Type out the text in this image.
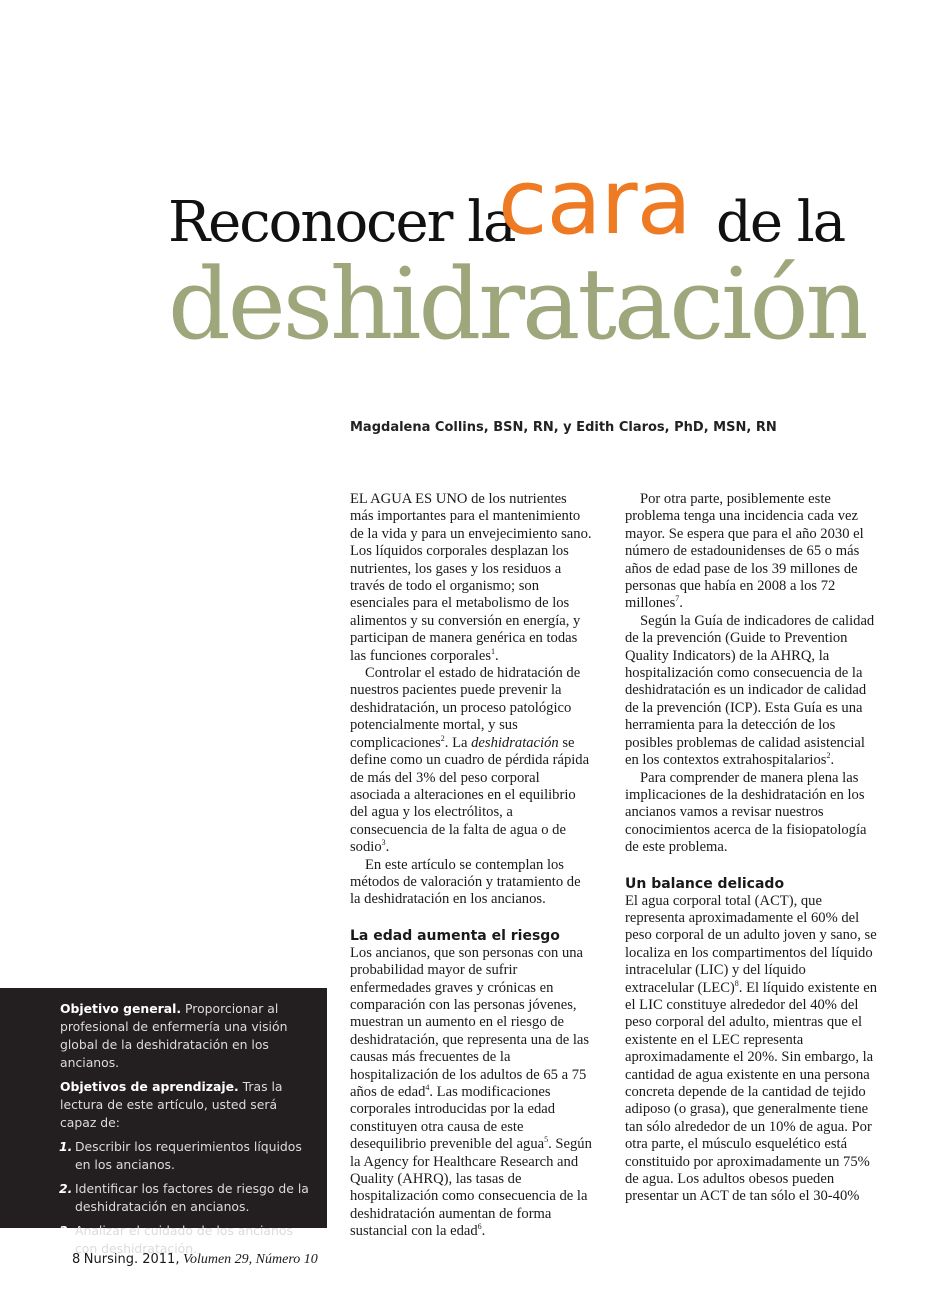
Reconocer la
cara de la
deshidratación
Magdalena Collins, BSN, RN, y Edith Claros, PhD, MSN, RN

EL AGUA ES UNO de los nutrientes más importantes para el mantenimiento de la vida y para un envejecimiento sano. Los líquidos corporales desplazan los nutrientes, los gases y los residuos a través de todo el organismo; son esenciales para el metabolismo de los alimentos y su conversión en energía, y participan de manera genérica en todas las funciones corporales$^1$.

Controlar el estado de hidratación de nuestros pacientes puede prevenir la deshidratación, un proceso patológico potencialmente mortal, y sus complicaciones$^2$. La deshidratación se define como un cuadro de pérdida rápida de más del 3% del peso corporal asociada a alteraciones en el equilibrio del agua y los electrólitos, a consecuencia de la falta de agua o de sodio$^3$.

En este artículo se contemplan los métodos de valoración y tratamiento de la deshidratación en los ancianos.

La edad aumenta el riesgo

Los ancianos, que son personas con una probabilidad mayor de sufrir enfermedades graves y crónicas en comparación con las personas jóvenes, muestran un aumento en el riesgo de deshidratación, que representa una de las causas más frecuentes de la hospitalización de los adultos de 65 a 75 años de edad$^4$. Las modificaciones corporales introducidas por la edad constituyen otra causa de este desequilibrio prevenible del agua$^5$. Según la Agency for Healthcare Research and Quality (AHRQ), las tasas de hospitalización como consecuencia de la deshidratación aumentan de forma sustancial con la edad$^6$.

Por otra parte, posiblemente este problema tenga una incidencia cada vez mayor. Se espera que para el año 2030 el número de estadounidenses de 65 o más años de edad pase de los 39 millones de personas que había en 2008 a los 72 millones$^7$.

Según la Guía de indicadores de calidad de la prevención (Guide to Prevention Quality Indicators) de la AHRQ, la hospitalización como consecuencia de la deshidratación es un indicador de calidad de la prevención (ICP). Esta Guía es una herramienta para la detección de los posibles problemas de calidad asistencial en los contextos extrahospitalarios$^2$.

Para comprender de manera plena las implicaciones de la deshidratación en los ancianos vamos a revisar nuestros conocimientos acerca de la fisiopatología de este problema.

Un balance delicado

El agua corporal total (ACT), que representa aproximadamente el 60% del peso corporal de un adulto joven y sano, se localiza en los compartimentos del líquido intracelular (LIC) y del líquido extracelular (LEC)$^8$. El líquido existente en el LIC constituye alrededor del 40% del peso corporal del adulto, mientras que el existente en el LEC representa aproximadamente el 20%. Sin embargo, la cantidad de agua existente en una persona concreta depende de la cantidad de tejido adiposo (o grasa), que generalmente tiene tan sólo alrededor de un 10% de agua. Por otra parte, el músculo esquelético está constituido por aproximadamente un 75% de agua. Los adultos obesos pueden presentar un ACT de tan sólo el 30-40%

Objetivo general. Proporcionar al profesional de enfermería una visión global de la deshidratación en los ancianos.

Objetivos de aprendizaje. Tras la lectura de este artículo, usted será capaz de:

1. Describir los requerimientos líquidos en los ancianos.
2. Identificar los factores de riesgo de la deshidratación en ancianos.
3. Analizar el cuidado de los ancianos con deshidratación.
8 Nursing. 2011, Volumen 29, Número 10
